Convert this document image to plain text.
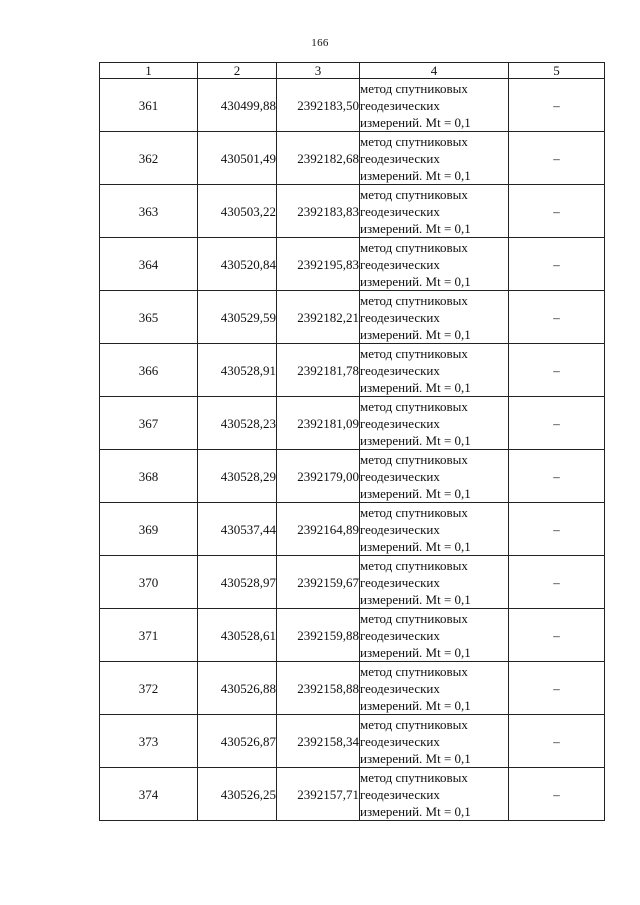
166
1	2	3	4	5
361	430499,88	2392183,50	метод спутниковых
геодезических
измерений. Mt = 0,1	–
362	430501,49	2392182,68	метод спутниковых
геодезических
измерений. Mt = 0,1	–
363	430503,22	2392183,83	метод спутниковых
геодезических
измерений. Mt = 0,1	–
364	430520,84	2392195,83	метод спутниковых
геодезических
измерений. Mt = 0,1	–
365	430529,59	2392182,21	метод спутниковых
геодезических
измерений. Mt = 0,1	–
366	430528,91	2392181,78	метод спутниковых
геодезических
измерений. Mt = 0,1	–
367	430528,23	2392181,09	метод спутниковых
геодезических
измерений. Mt = 0,1	–
368	430528,29	2392179,00	метод спутниковых
геодезических
измерений. Mt = 0,1	–
369	430537,44	2392164,89	метод спутниковых
геодезических
измерений. Mt = 0,1	–
370	430528,97	2392159,67	метод спутниковых
геодезических
измерений. Mt = 0,1	–
371	430528,61	2392159,88	метод спутниковых
геодезических
измерений. Mt = 0,1	–
372	430526,88	2392158,88	метод спутниковых
геодезических
измерений. Mt = 0,1	–
373	430526,87	2392158,34	метод спутниковых
геодезических
измерений. Mt = 0,1	–
374	430526,25	2392157,71	метод спутниковых
геодезических
измерений. Mt = 0,1	–
